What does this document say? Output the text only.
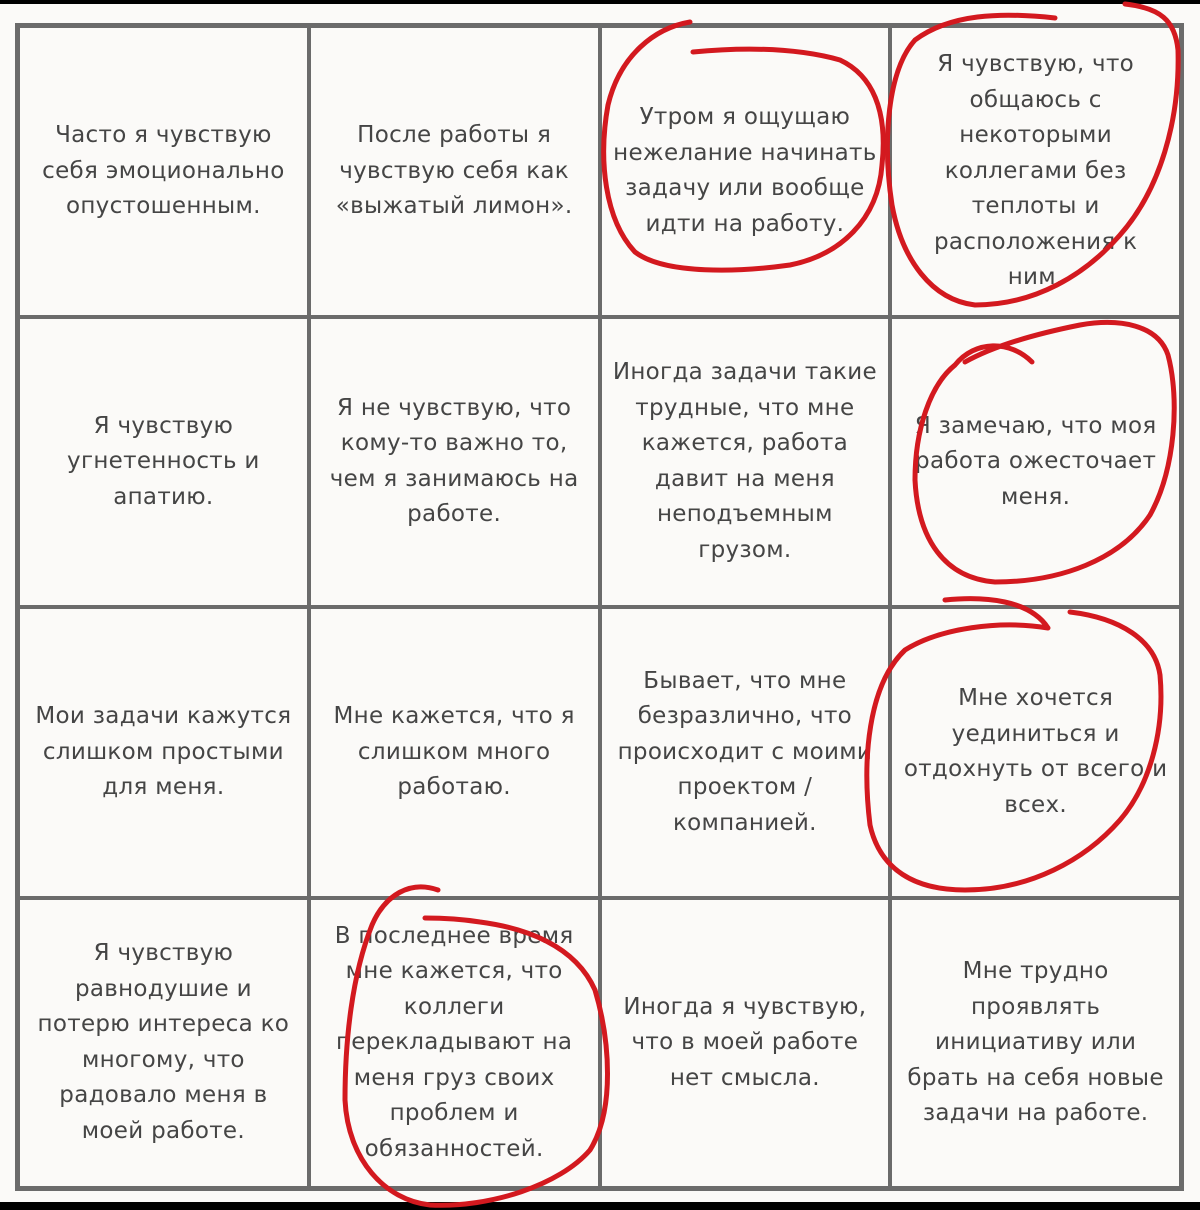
Часто я чувствую себя эмоционально опустошенным.
После работы я чувствую себя как «выжатый лимон».
Утром я ощущаю нежелание начинать задачу или вообще идти на работу.
Я чувствую, что общаюсь с некоторыми коллегами без теплоты и расположения к ним.
Я чувствую угнетенность и апатию.
Я не чувствую, что кому-то важно то, чем я занимаюсь на работе.
Иногда задачи такие трудные, что мне кажется, работа давит на меня неподъемным грузом.
Я замечаю, что моя работа ожесточает меня.
Мои задачи кажутся слишком простыми для меня.
Мне кажется, что я слишком много работаю.
Бывает, что мне безразлично, что происходит с моими проектом / компанией.
Мне хочется уединиться и отдохнуть от всего и всех.
Я чувствую равнодушие и потерю интереса ко многому, что радовало меня в моей работе.
В последнее время мне кажется, что коллеги перекладывают на меня груз своих проблем и обязанностей.
Иногда я чувствую, что в моей работе нет смысла.
Мне трудно проявлять инициативу или брать на себя новые задачи на работе.
